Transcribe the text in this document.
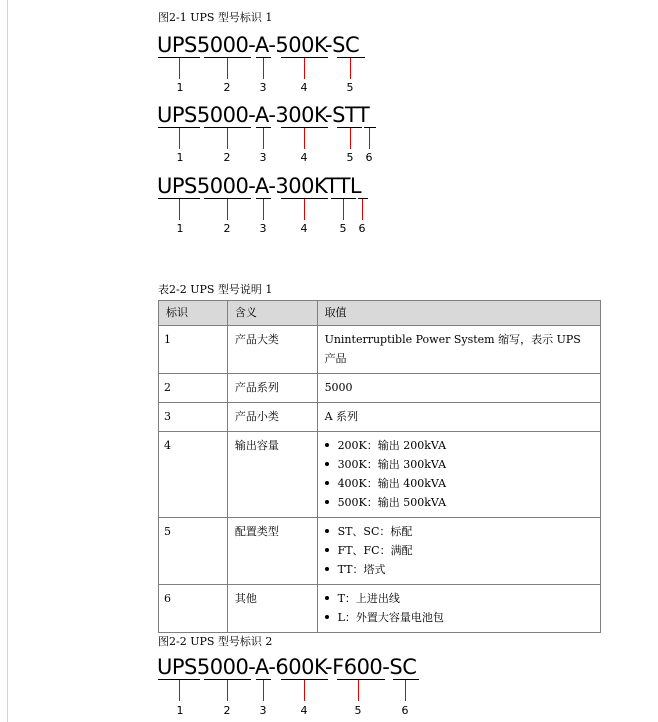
图2-1 UPS 型号标识 1
UPS5000-A-500K-SC
1	2	3	4	5
UPS5000-A-300K-STT
1	2	3	4	5 6
UPS5000-A-300KTTL
1	2	3	4	5 6
表2-2 UPS 型号说明 1
标识	含义	取值
1	产品大类	Uninterruptible Power System 缩写，表示 UPS 产品
2	产品系列	5000
3	产品小类	A 系列
4	输出容量	200K：输出 200kVA
300K：输出 300kVA
400K：输出 400kVA
500K：输出 500kVA

5	配置类型	ST、SC：标配
FT、FC：满配
TT：塔式

6	其他	T：上进出线
L：外置大容量电池包
图2-2 UPS 型号标识 2
UPS5000-A-600K-F600-SC
1	2	3	4	5	6
